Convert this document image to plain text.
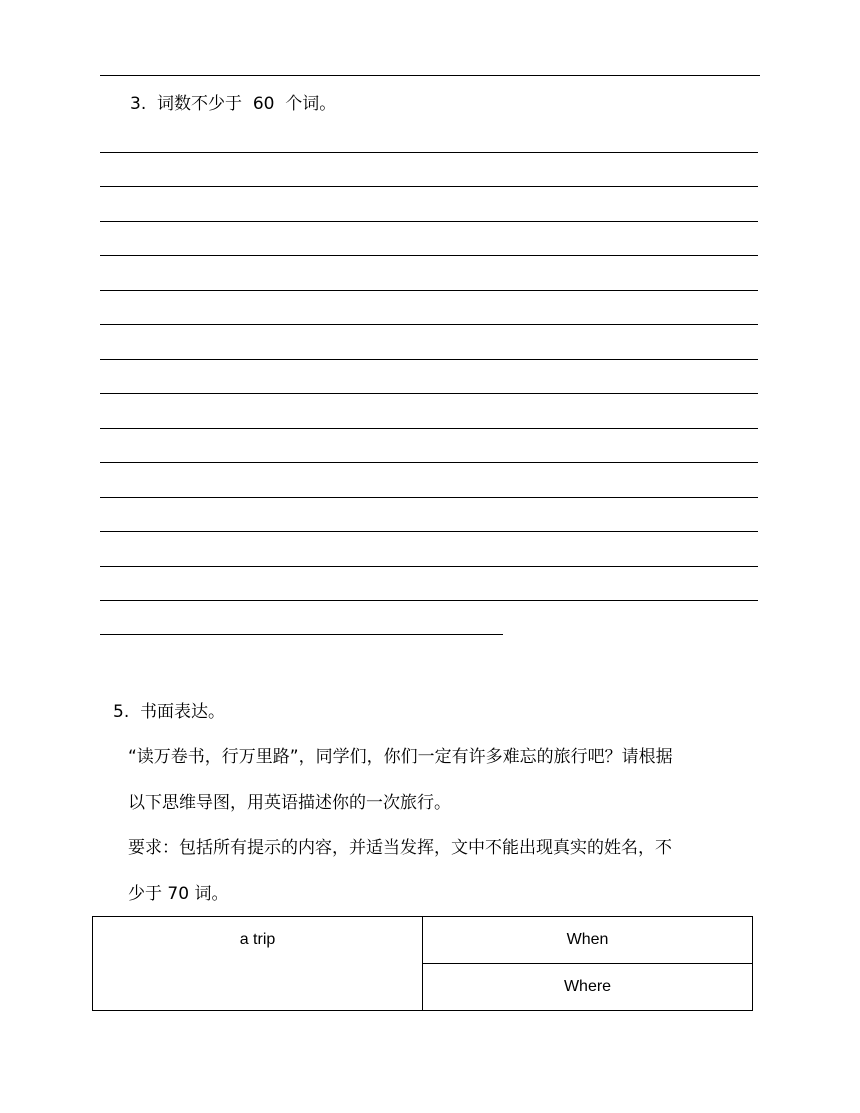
3.  词数不少于  60  个词。
5.  书面表达。
“读万卷书，行万里路”，同学们，你们一定有许多难忘的旅行吧？请根据
以下思维导图，用英语描述你的一次旅行。
要求：包括所有提示的内容，并适当发挥，文中不能出现真实的姓名，不
少于 70 词。
a trip	When
Where
